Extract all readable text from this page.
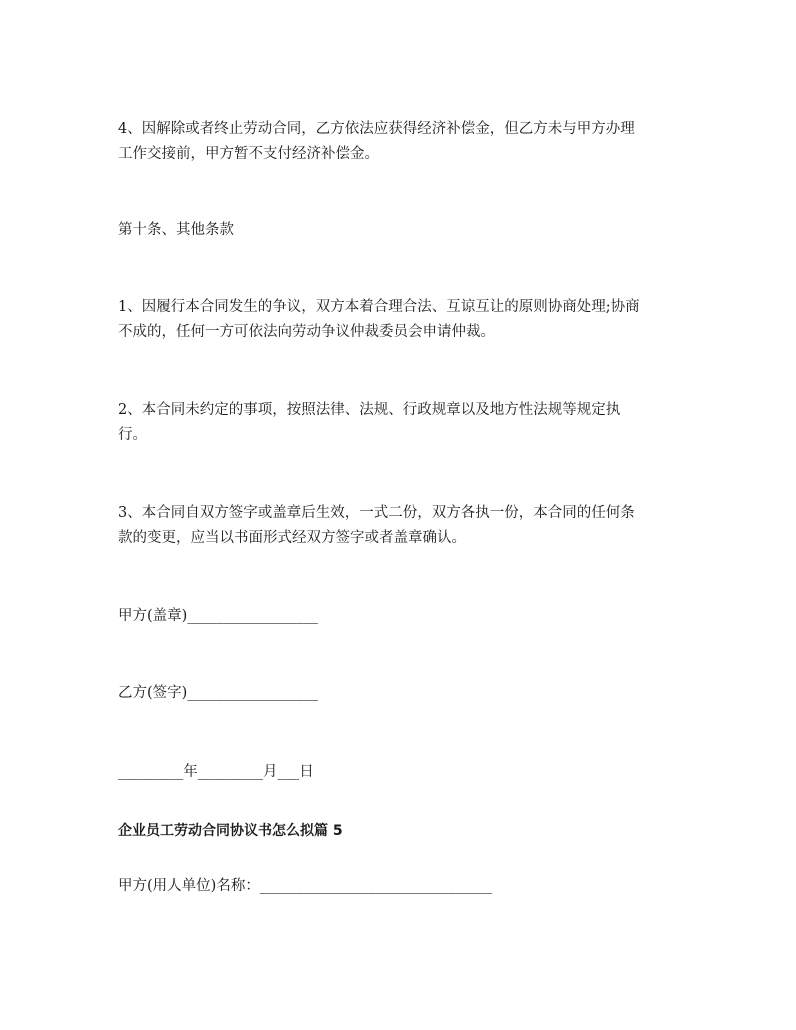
4、因解除或者终止劳动合同，乙方依法应获得经济补偿金，但乙方未与甲方办理
工作交接前，甲方暂不支付经济补偿金。
第十条、其他条款
1、因履行本合同发生的争议，双方本着合理合法、互谅互让的原则协商处理;协商
不成的，任何一方可依法向劳动争议仲裁委员会申请仲裁。
2、本合同未约定的事项，按照法律、法规、行政规章以及地方性法规等规定执
行。
3、本合同自双方签字或盖章后生效，一式二份，双方各执一份，本合同的任何条
款的变更，应当以书面形式经双方签字或者盖章确认。
甲方(盖章)__________________
乙方(签字)__________________
_________年_________月___日
企业员工劳动合同协议书怎么拟篇 5
甲方(用人单位)名称：________________________________
